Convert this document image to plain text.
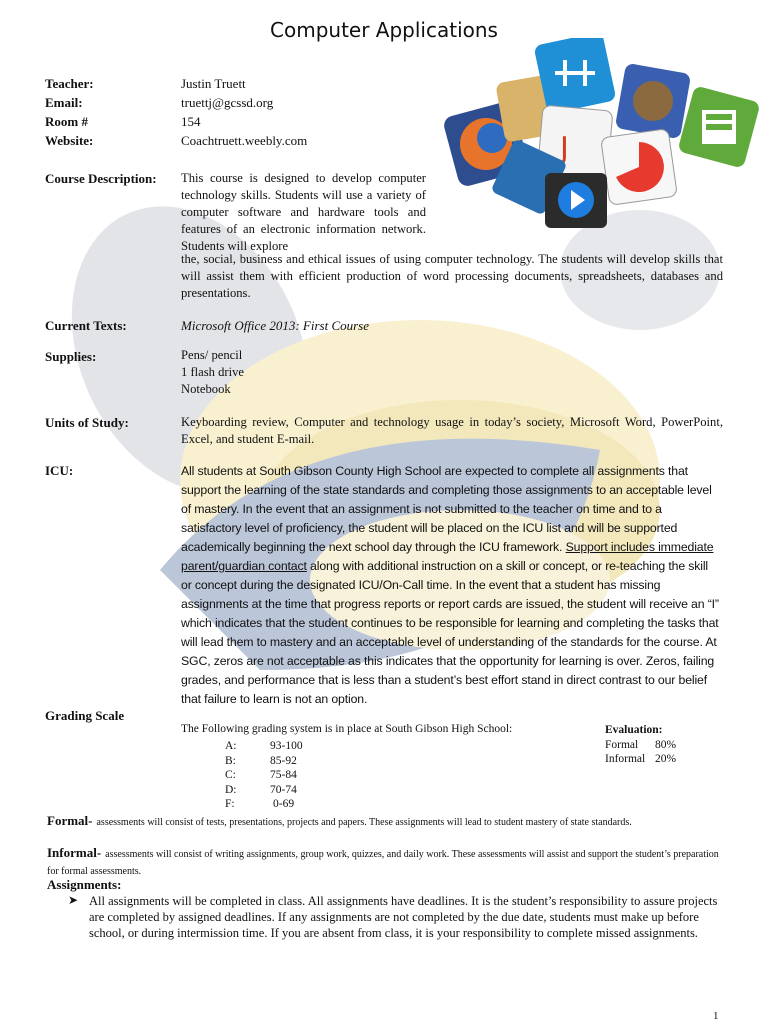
Computer Applications
J
Teacher:	Justin Truett
Email:	truettj@gcssd.org
Room #	154
Website:	Coachtruett.weebly.com
Course Description: This course is designed to develop computer technology skills. Students will use a variety of computer software and hardware tools and features of an electronic information network. Students will explore
the, social, business and ethical issues of using computer technology. The students will develop skills that will assist them with efficient production of word processing documents, spreadsheets, databases and presentations.
Current Texts:	Microsoft Office 2013: First Course
Supplies:	Pens/ pencil
1 flash drive
Notebook
Units of Study:	Keyboarding review, Computer and technology usage in today’s society, Microsoft Word, PowerPoint, Excel, and student E-mail.
ICU:	All students at South Gibson County High School are expected to complete all assignments that support the learning of the state standards and completing those assignments to an acceptable level of mastery. In the event that an assignment is not submitted to the teacher on time and to a satisfactory level of proficiency, the student will be placed on the ICU list and will be supported academically beginning the next school day through the ICU framework. Support includes immediate parent/guardian contact along with additional instruction on a skill or concept, or re-teaching the skill or concept during the designated ICU/On-Call time. In the event that a student has missing assignments at the time that progress reports or report cards are issued, the student will receive an “I” which indicates that the student continues to be responsible for learning and completing the tasks that will lead them to mastery and an acceptable level of understanding of the standards for the course. At SGC, zeros are not acceptable as this indicates that the opportunity for learning is over. Zeros, failing grades, and performance that is less than a student’s best effort stand in direct contrast to our belief that failure to learn is not an option.
Grading Scale
The Following grading system is in place at South Gibson High School:
A:	93-100
B:	85-92
C:	75-84
D:	70-74
F:	0-69
Evaluation:
Formal 80%
Informal 20%
Formal- assessments will consist of tests, presentations, projects and papers. These assignments will lead to student mastery of state standards.
Informal- assessments will consist of writing assignments, group work, quizzes, and daily work. These assessments will assist and support the student’s preparation for formal assessments.
Assignments:
➤ All assignments will be completed in class. All assignments have deadlines. It is the student’s responsibility to assure projects are completed by assigned deadlines. If any assignments are not completed by the due date, students must make up before school, or during intermission time. If you are absent from class, it is your responsibility to complete missed assignments.
1
